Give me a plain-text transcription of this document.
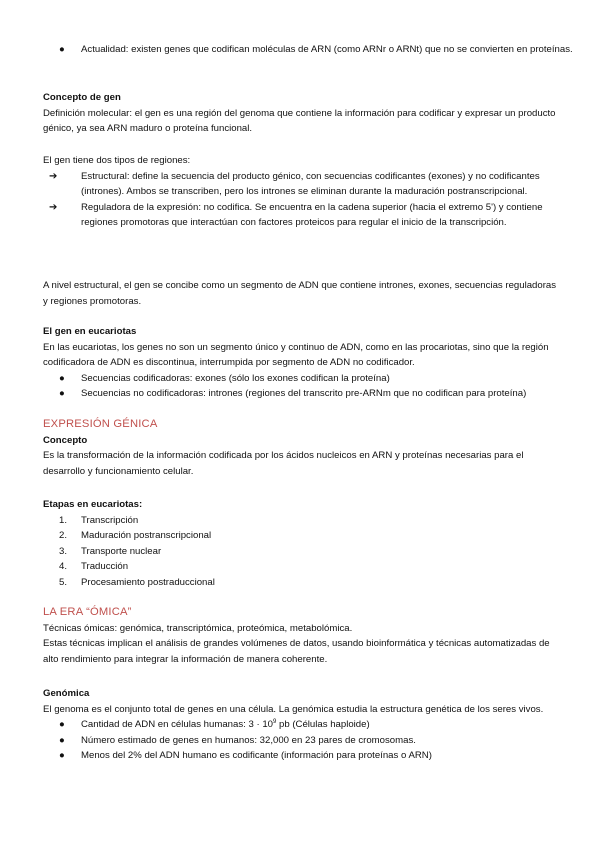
●	Actualidad: existen genes que codifican moléculas de ARN (como ARNr o ARNt) que no se convierten en proteínas.

Concepto de gen

Definición molecular: el gen es una región del genoma que contiene la información para codificar y expresar un producto génico, ya sea ARN maduro o proteína funcional.

El gen tiene dos tipos de regiones:

➔	Estructural: define la secuencia del producto génico, con secuencias codificantes (exones) y no codificantes (intrones). Ambos se transcriben, pero los intrones se eliminan durante la maduración postranscripcional.

➔	Reguladora de la expresión: no codifica. Se encuentra en la cadena superior (hacia el extremo 5') y contiene regiones promotoras que interactúan con factores proteicos para regular el inicio de la transcripción.

A nivel estructural, el gen se concibe como un segmento de ADN que contiene intrones, exones, secuencias reguladoras y regiones promotoras.

El gen en eucariotas

En las eucariotas, los genes no son un segmento único y continuo de ADN, como en las procariotas, sino que la región codificadora de ADN es discontinua, interrumpida por segmento de ADN no codificador.

●	Secuencias codificadoras: exones (sólo los exones codifican la proteína)

●	Secuencias no codificadoras: intrones (regiones del transcrito pre-ARNm que no codifican para proteína)

EXPRESIÓN GÉNICA

Concepto

Es la transformación de la información codificada por los ácidos nucleicos en ARN y proteínas necesarias para el desarrollo y funcionamiento celular.

Etapas en eucariotas:

1.	Transcripción

2.	Maduración postranscripcional

3.	Transporte nuclear

4.	Traducción

5.	Procesamiento postraduccional

LA ERA “ÓMICA”

Técnicas ómicas: genómica, transcriptómica, proteómica, metabolómica.

Estas técnicas implican el análisis de grandes volúmenes de datos, usando bioinformática y técnicas automatizadas de alto rendimiento para integrar la información de manera coherente.

Genómica

El genoma es el conjunto total de genes en una célula. La genómica estudia la estructura genética de los seres vivos.

●	Cantidad de ADN en células humanas: $3 \cdot 10^9$ pb (Células haploide)

●	Número estimado de genes en humanos: 32,000 en 23 pares de cromosomas.

●	Menos del 2% del ADN humano es codificante (información para proteínas o ARN)
